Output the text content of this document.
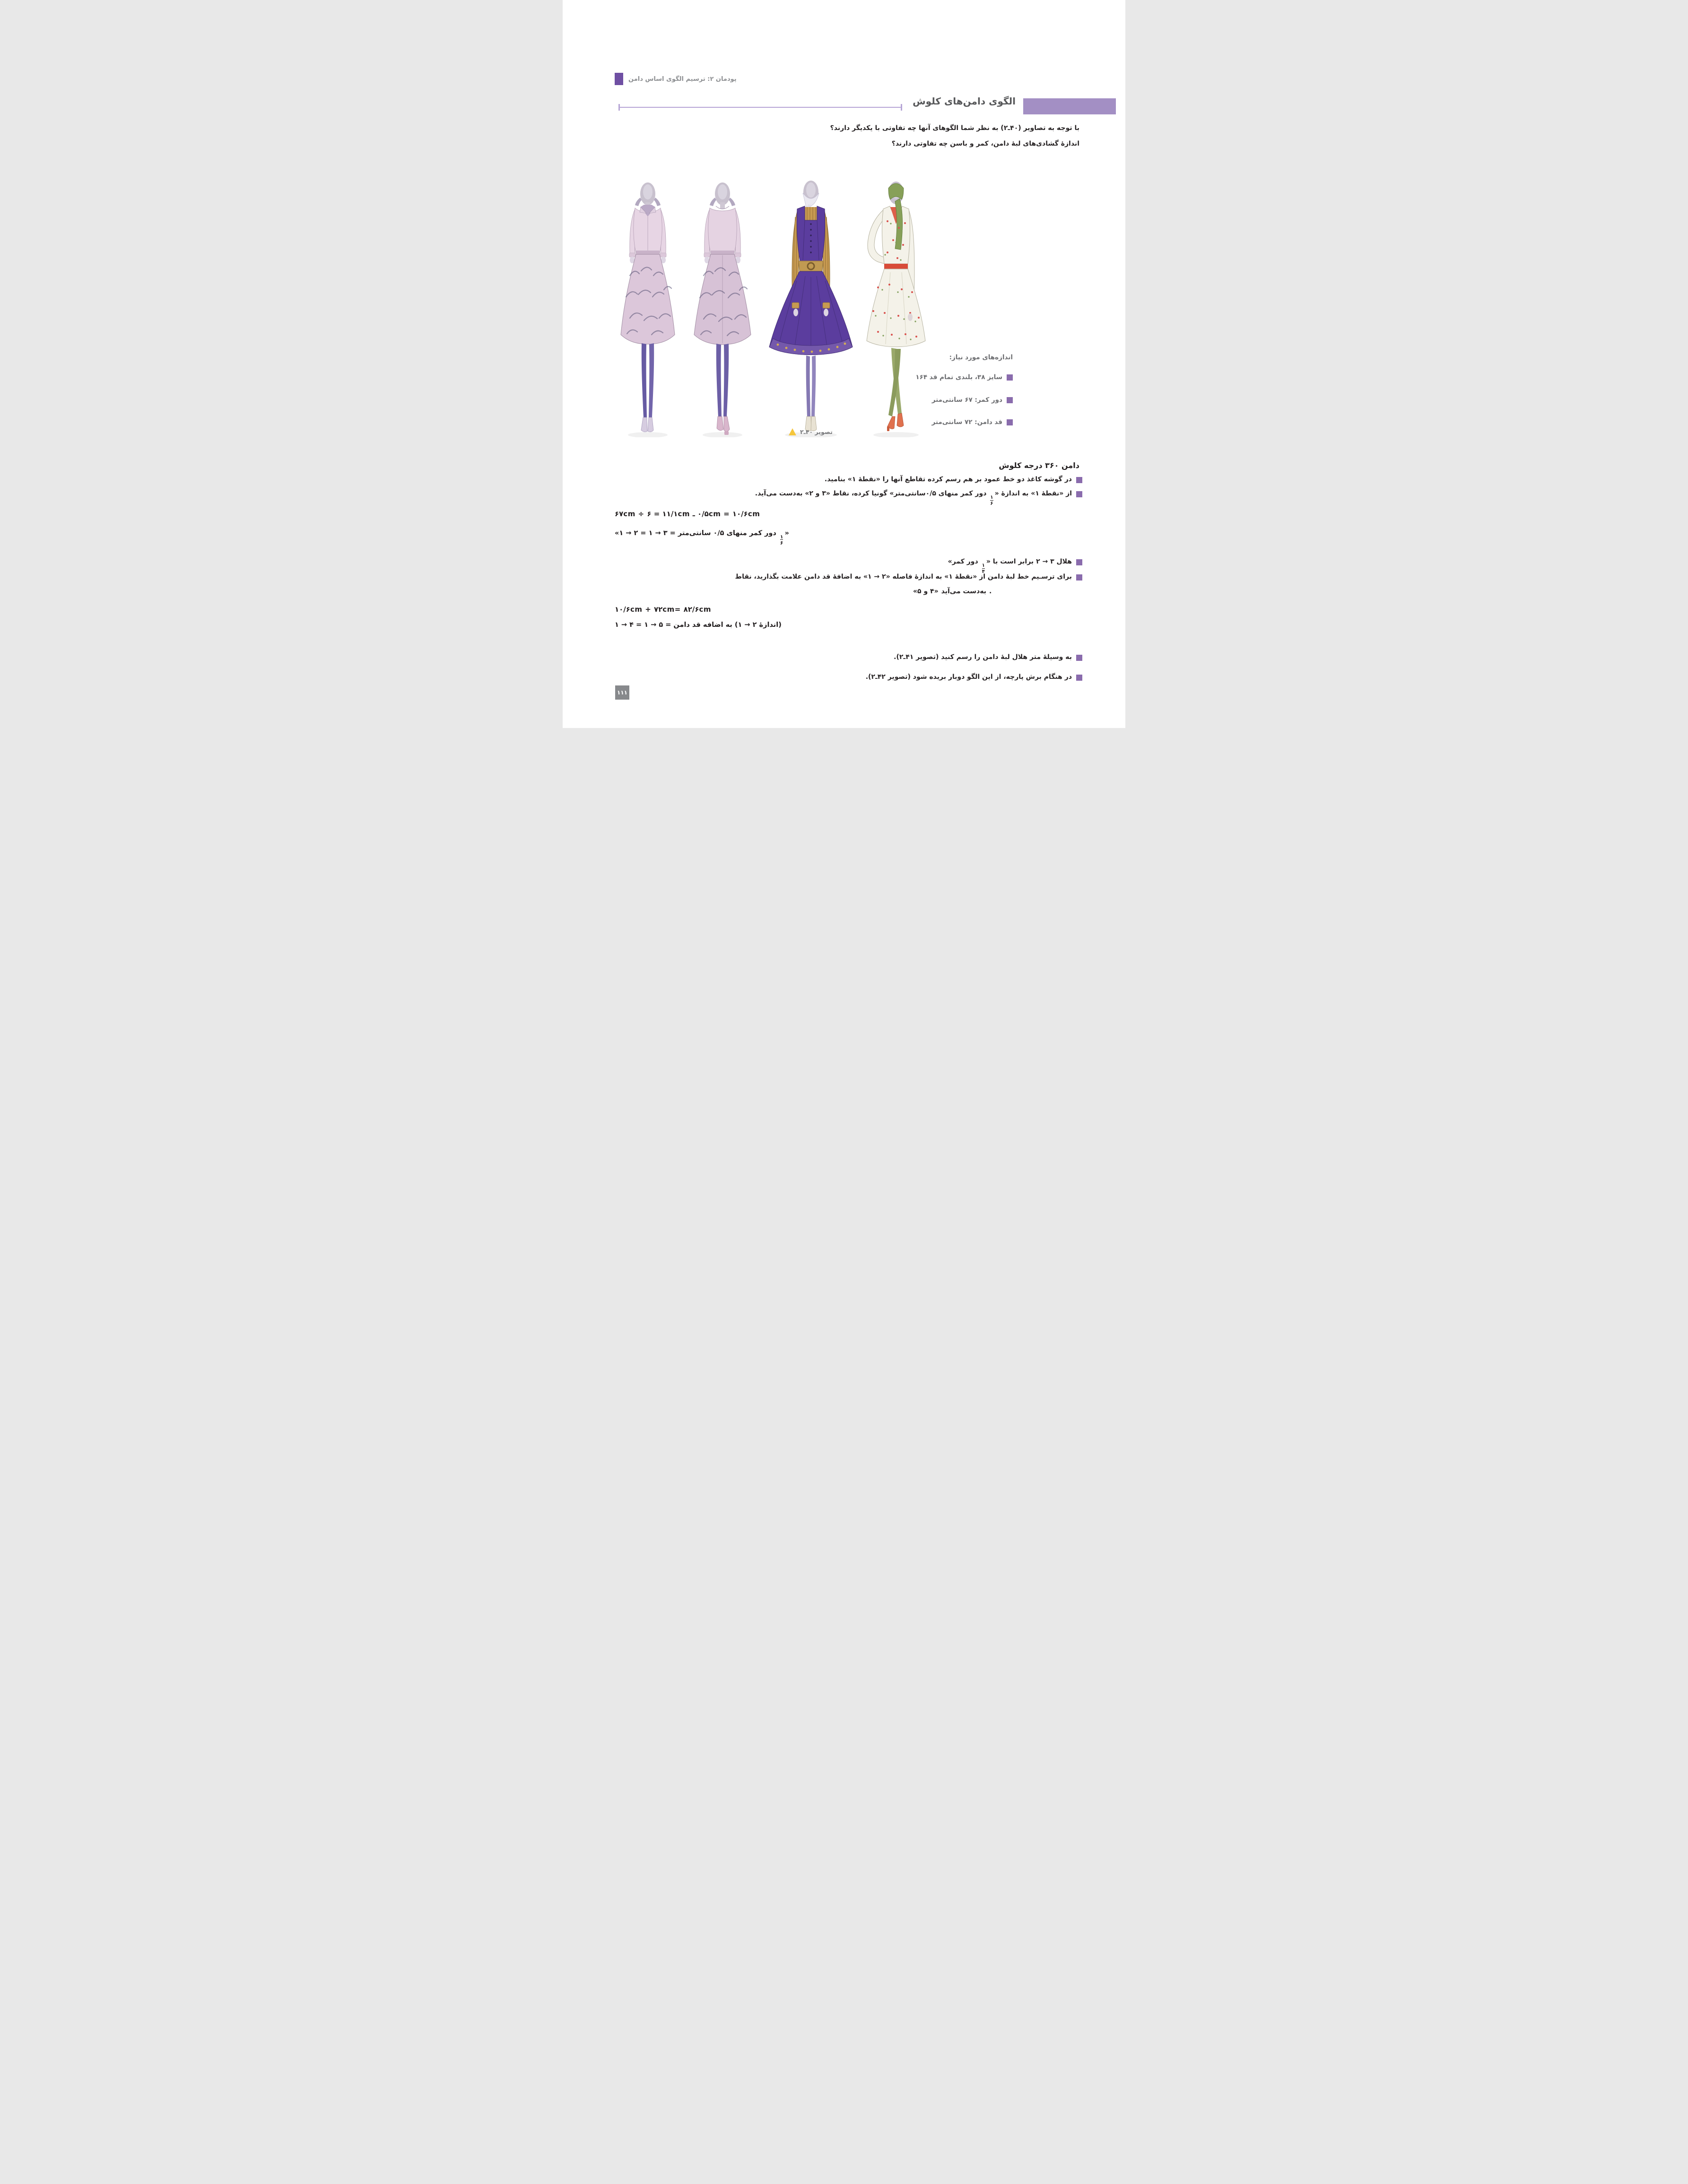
پودمان ۲: ترسیم الگوی اساس دامن
الگوی دامن‌های کلوش
با توجه به تصاویر (۴۰ـ۲) به نظر شما الگوهای آنها چه تفاوتی با یکدیگر دارند؟
اندازهٔ گشادی‌های لبهٔ دامن، کمر و باسن چه تفاوتی دارند؟
تصویر ۴۰ـ۲
اندازه‌های مورد نیاز:
سایز ۳۸، بلندی تمام قد ۱۶۴
دور کمر: ۶۷ سانتی‌متر
قد دامن: ۷۲ سانتی‌متر
دامن ۳۶۰ درجه کلوش
در گوشه کاغذ دو خط عمود بر هم رسم کرده تقاطع آنها را «نقطهٔ ۱» بنامید.
از «نقطهٔ ۱» به اندازهٔ «
$\frac{۱}{۶}$
دور کمر منهای ۰/۵سانتی‌متر» گونیا کرده، نقاط «۳ و ۲» به‌دست می‌آید.
۶۷cm ÷ ۶ = ۱۱/۱cm ـ ۰/۵cm = ۱۰/۶cm
«
$\frac{۱}{۶}$
دور کمر منهای ۰/۵ سانتی‌متر = ۳ → ۱ = ۲ → ۱»
هلال ۳ → ۲ برابر است با «
$\frac{۱}{۴}$
دور کمر»
برای ترسـیم خط لبهٔ دامن از «نقطهٔ ۱» به اندازهٔ فاصله «۲ → ۱» به اضافهٔ قد دامن علامت بگذارید، نقاط
«۴ و ۵» به‌دست می‌آید .
۱۰/۶cm + ۷۲cm= ۸۲/۶cm
(اندازهٔ ۲ → ۱) به اضافه قد دامن = ۵ → ۱ = ۴ → ۱
به وسیلهٔ متر هلال لبهٔ دامن را رسم کنید (تصویر ۴۱ـ۲).
در هنگام برش پارچه، از این الگو دوبار بریده شود (تصویر ۴۲ـ۲).
۱۱۱
